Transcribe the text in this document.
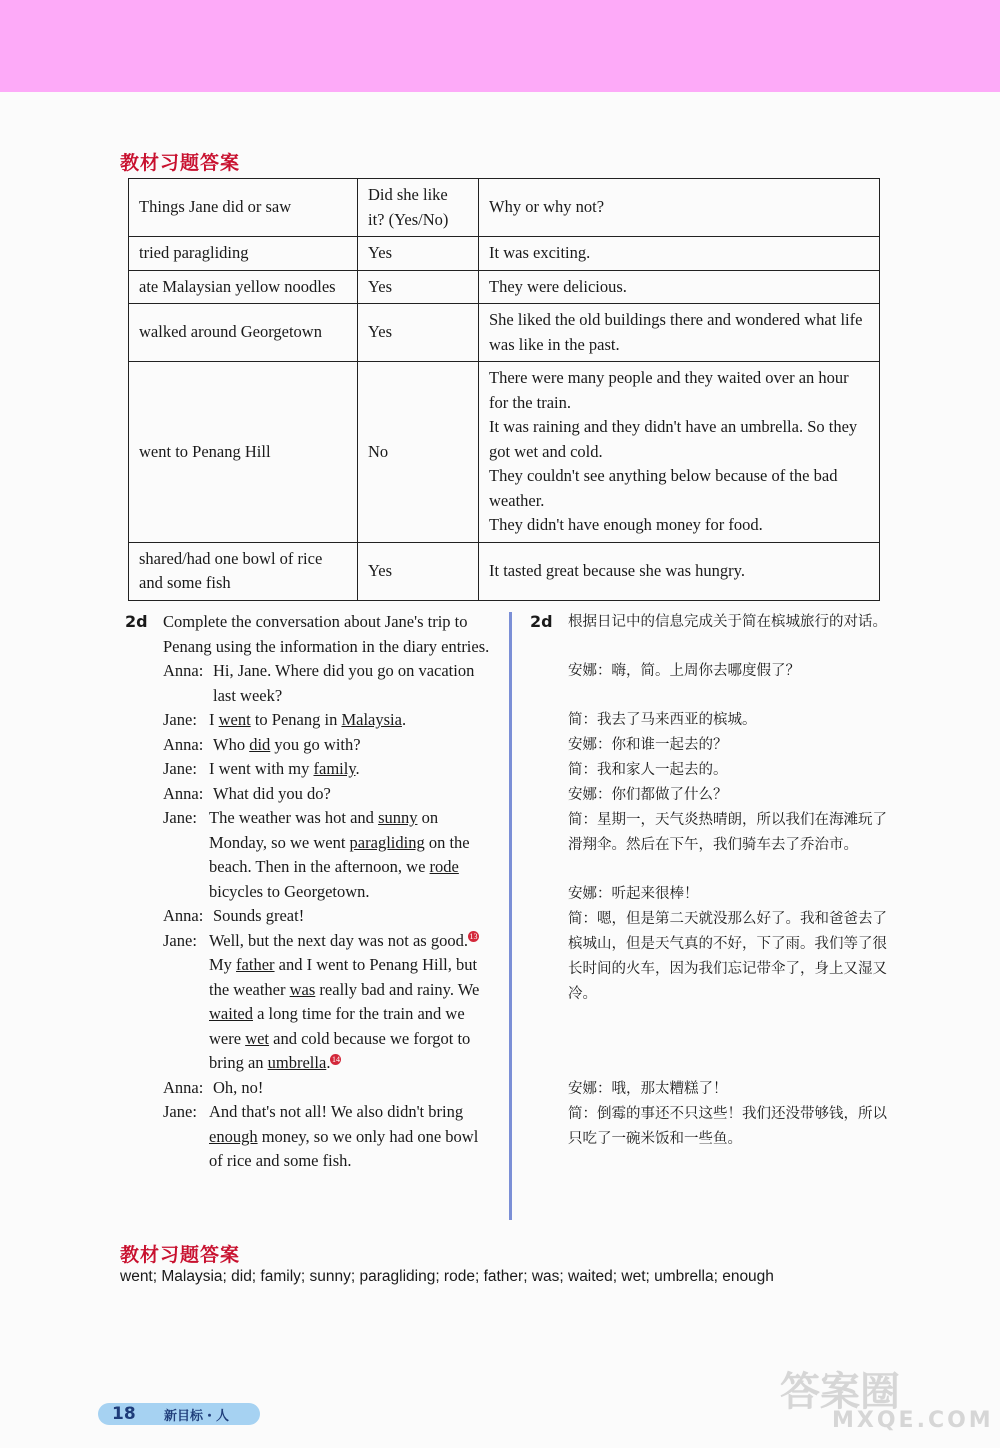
教材习题答案
Things Jane did or saw	Did she like it? (Yes/No)	Why or why not?
tried paragliding	Yes	It was exciting.
ate Malaysian yellow noodles	Yes	They were delicious.
walked around Georgetown	Yes	She liked the old buildings there and wondered what life was like in the past.
went to Penang Hill	No	There were many people and they waited over an hour for the train.
It was raining and they didn't have an umbrella. So they got wet and cold.
They couldn't see anything below because of the bad weather.
They didn't have enough money for food.
shared/had one bowl of rice and some fish	Yes	It tasted great because she was hungry.
2d Complete the conversation about Jane's trip to Penang using the information in the diary entries.
Anna: Hi, Jane. Where did you go on vacation last week?
Jane: I went to Penang in Malaysia.
Anna: Who did you go with?
Jane: I went with my family.
Anna: What did you do?
Jane: The weather was hot and sunny on Monday, so we went paragliding on the beach. Then in the afternoon, we rode bicycles to Georgetown.
Anna: Sounds great!
Jane: Well, but the next day was not as good. 13 My father and I went to Penang Hill, but the weather was really bad and rainy. We waited a long time for the train and we were wet and cold because we forgot to bring an umbrella. 14
Anna: Oh, no!
Jane: And that's not all! We also didn't bring enough money, so we only had one bowl of rice and some fish.
2d	根据日记中的信息完成关于简在槟城旅行的对话。
安娜：嗨，简。上周你去哪度假了？
简：我去了马来西亚的槟城。
安娜：你和谁一起去的？
简：我和家人一起去的。
安娜：你们都做了什么？
简：星期一，天气炎热晴朗，所以我们在海滩玩了滑翔伞。然后在下午，我们骑车去了乔治市。
安娜：听起来很棒！
简：嗯，但是第二天就没那么好了。我和爸爸去了槟城山，但是天气真的不好，下了雨。我们等了很长时间的火车，因为我们忘记带伞了，身上又湿又冷。
安娜：哦，那太糟糕了！
简：倒霉的事还不只这些！我们还没带够钱，所以只吃了一碗米饭和一些鱼。
教材习题答案
went; Malaysia; did; family; sunny; paragliding; rode; father; was; waited; wet; umbrella; enough
18 新目标・人
答案圈
MXQE.COM
